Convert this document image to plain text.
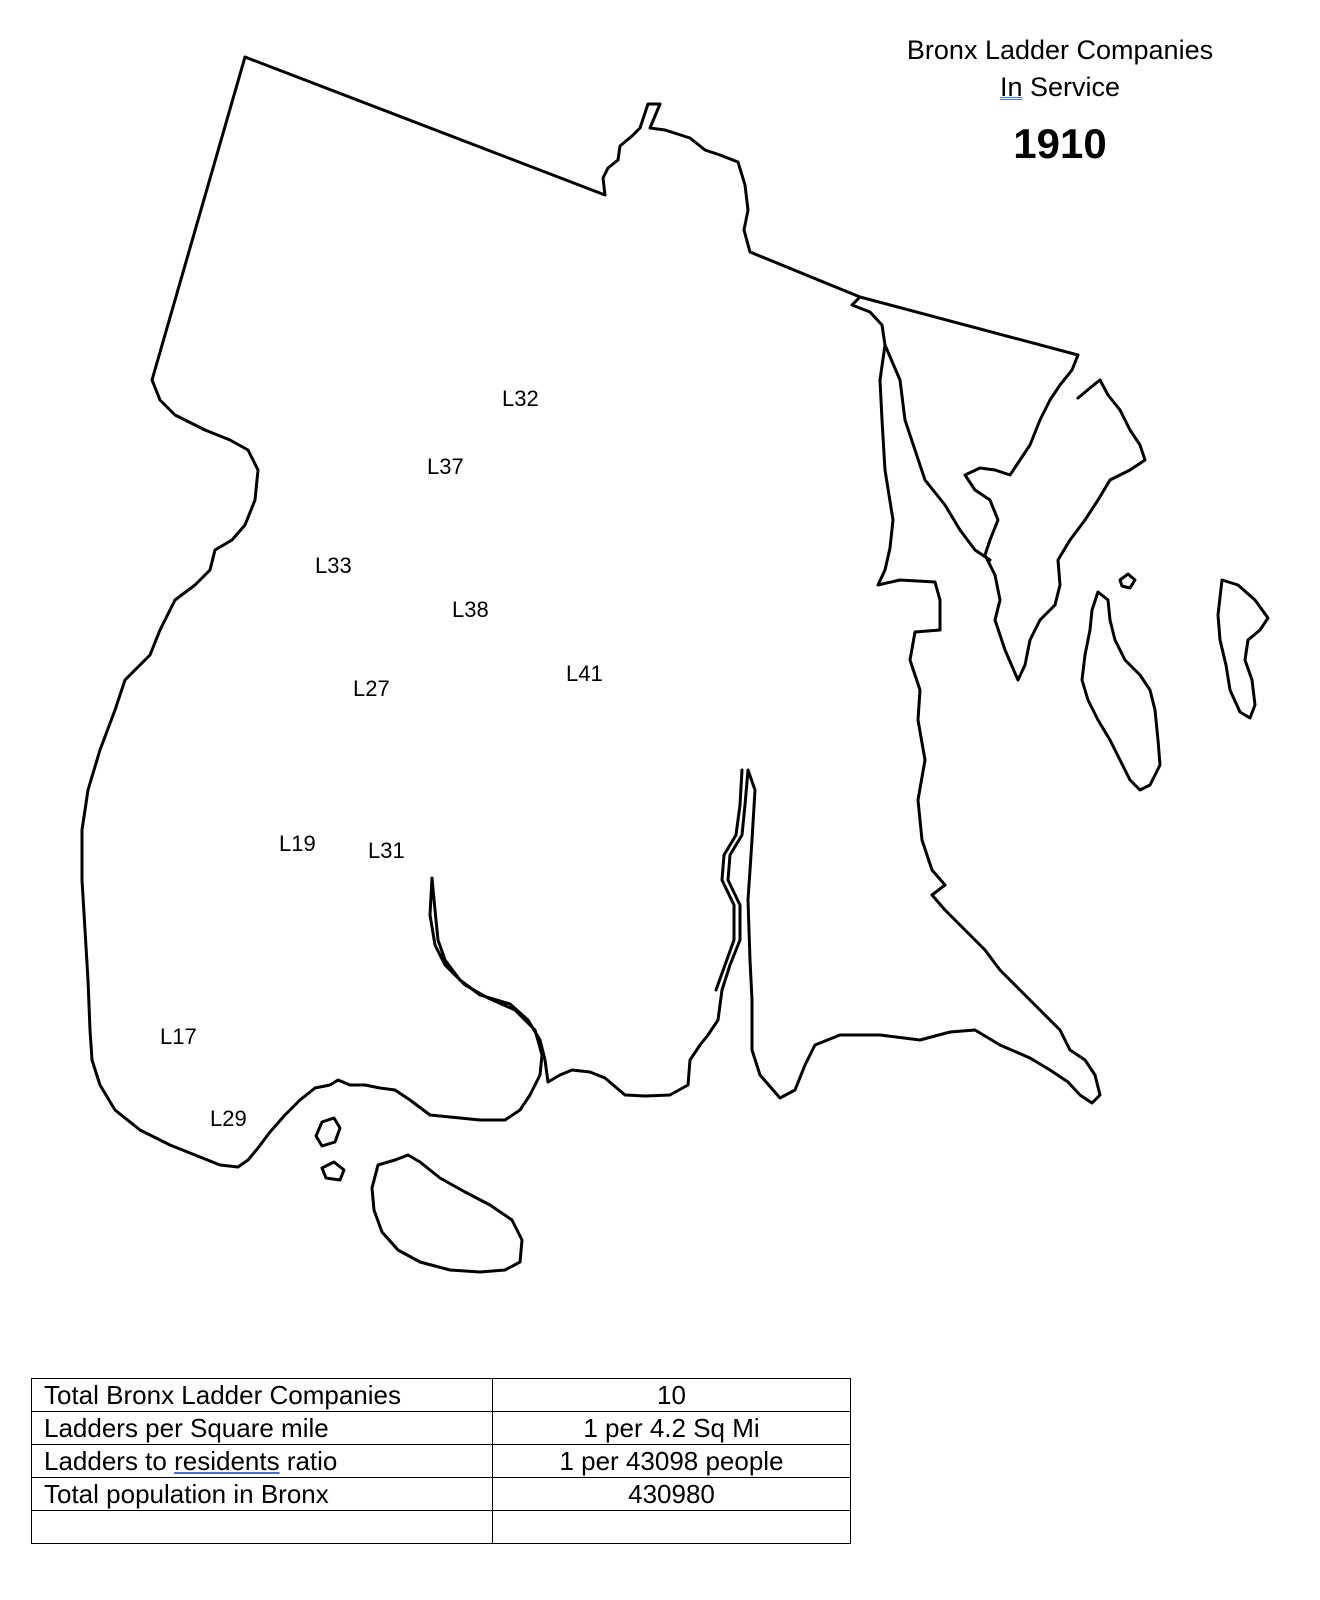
Bronx Ladder Companies
In Service
1910
L32
L37
L33
L38
L41
L27
L19 L31
L17
L29
Total Bronx Ladder Companies	10
Ladders per Square mile	1 per 4.2 Sq Mi
Ladders to residents ratio	1 per 43098 people
Total population in Bronx	430980
